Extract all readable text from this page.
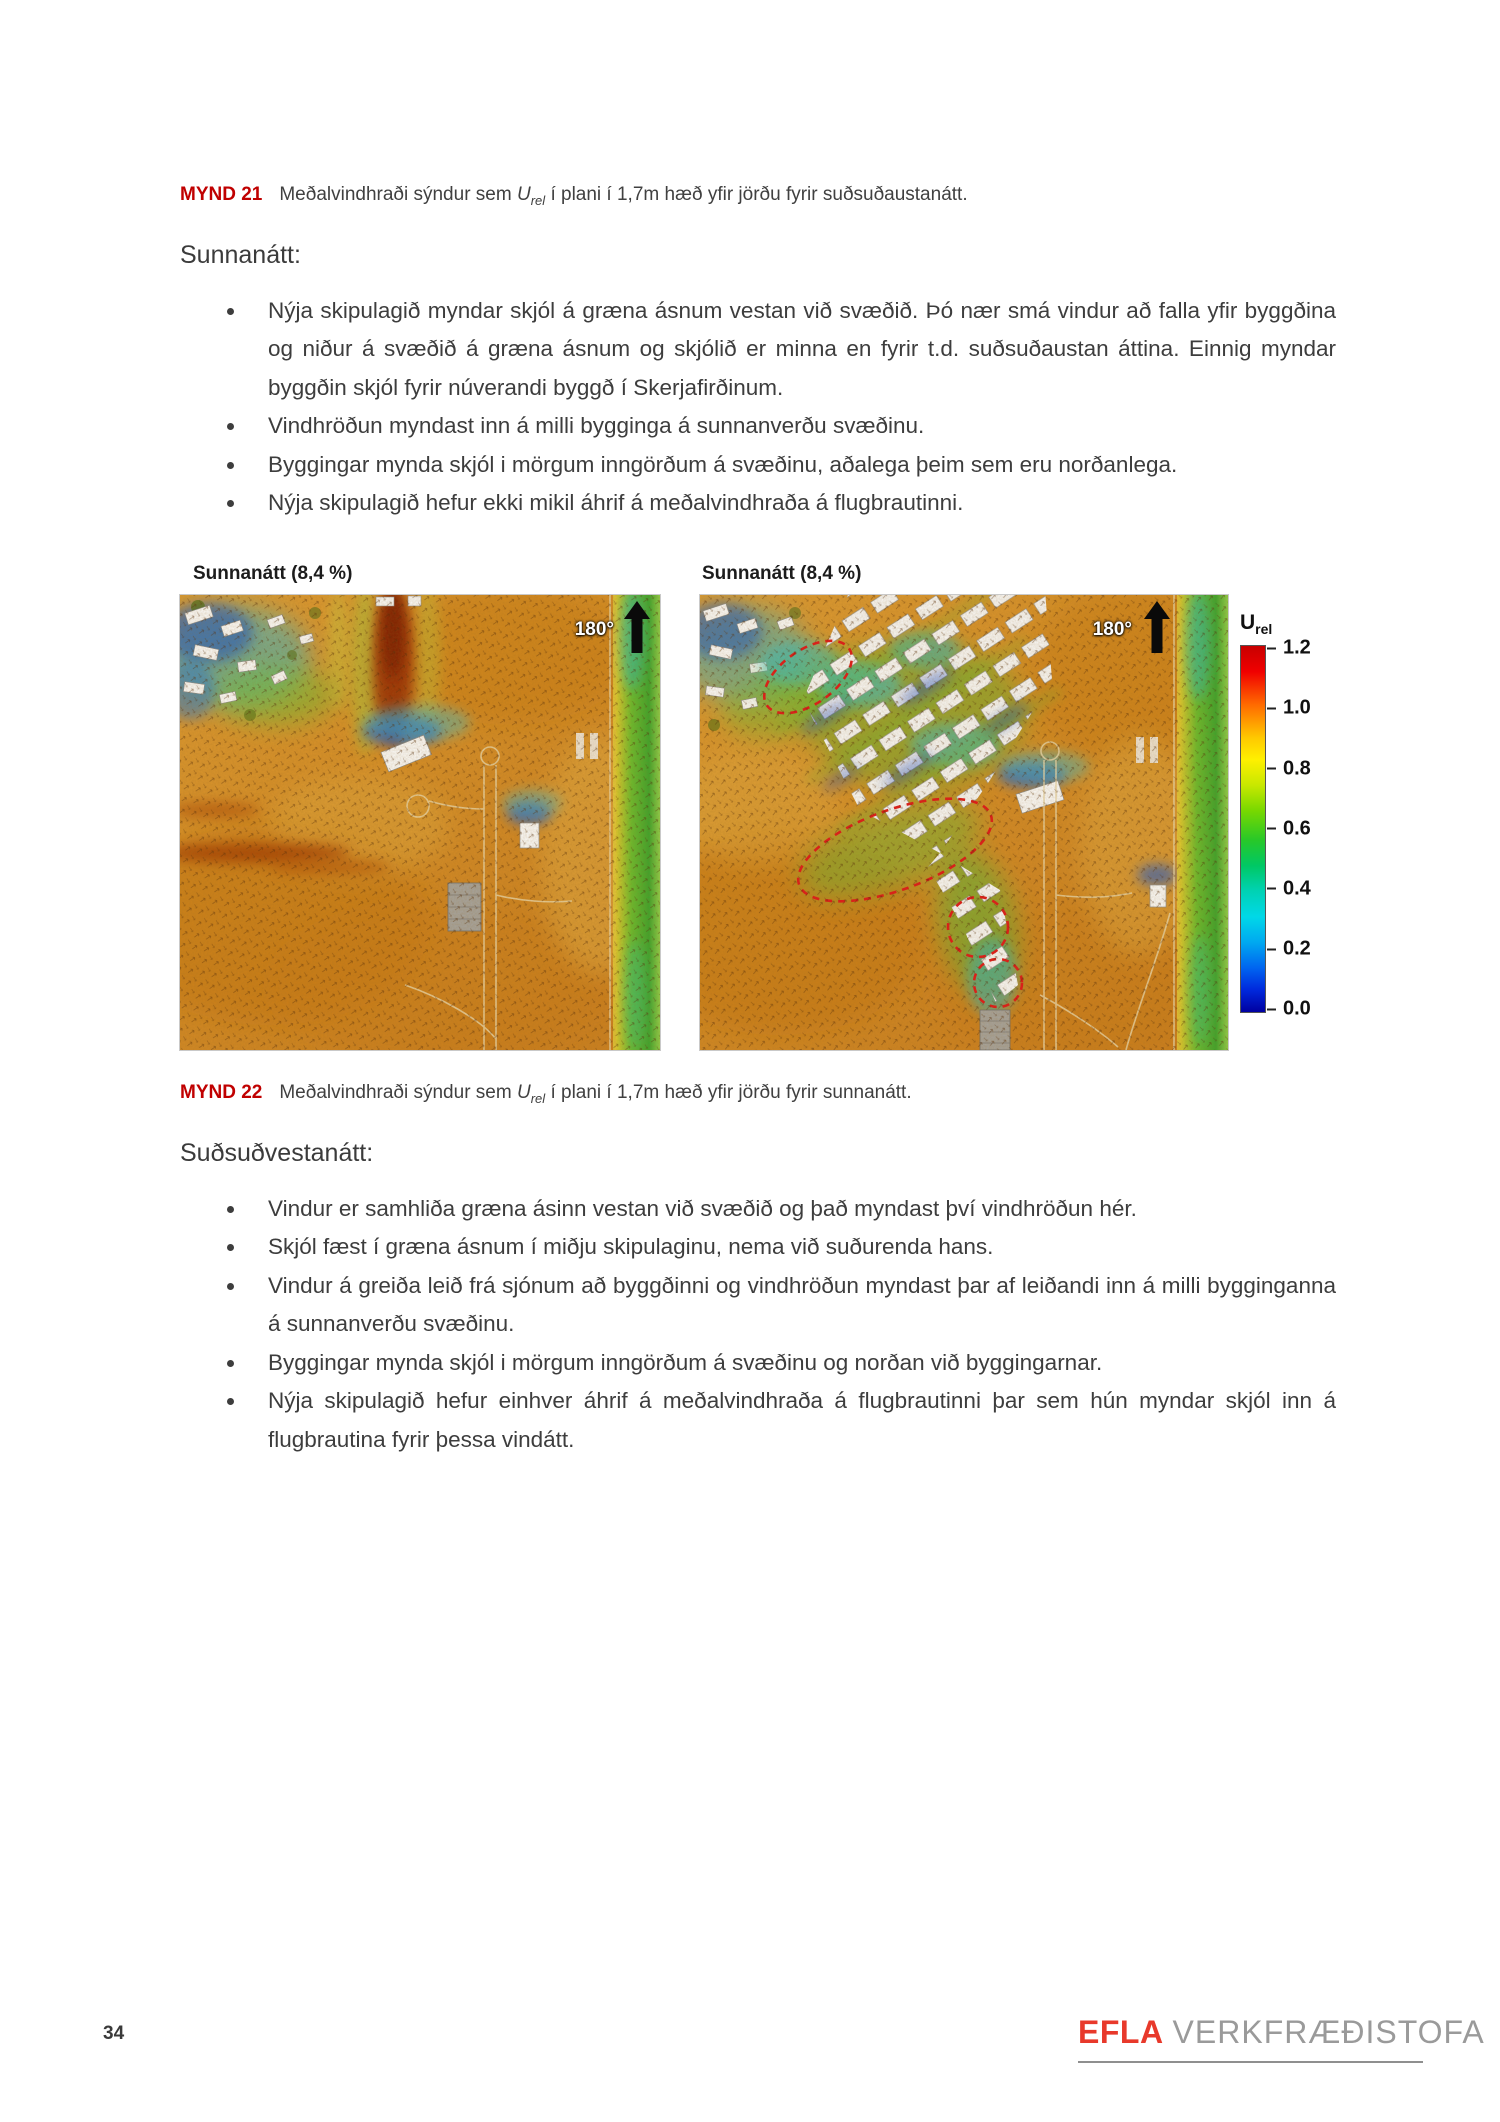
MYND 21 Meðalvindhraði sýndur sem $U_{rel}$ í plani í 1,7m hæð yfir jörðu fyrir suðsuðaustanátt.

Sunnanátt:
Nýja skipulagið myndar skjól á græna ásnum vestan við svæðið. Þó nær smá vindur að falla yfir byggðina og niður á svæðið á græna ásnum og skjólið er minna en fyrir t.d. suðsuðaustan áttina. Einnig myndar byggðin skjól fyrir núverandi byggð í Skerjafirðinum.
Vindhröðun myndast inn á milli bygginga á sunnanverðu svæðinu.
Byggingar mynda skjól i mörgum inngörðum á svæðinu, aðalega þeim sem eru norðanlega.
Nýja skipulagið hefur ekki mikil áhrif á meðalvindhraða á flugbrautinni.
Sunnanátt (8,4 %)
180°
Sunnanátt (8,4 %)
180°	$U_{rel}$
1.2
1.0
0.8
0.6
0.4
0.2
0.0

MYND 22 Meðalvindhraði sýndur sem $U_{rel}$ í plani í 1,7m hæð yfir jörðu fyrir sunnanátt.

Suðsuðvestanátt:
Vindur er samhliða græna ásinn vestan við svæðið og það myndast því vindhröðun hér.
Skjól fæst í græna ásnum í miðju skipulaginu, nema við suðurenda hans.
Vindur á greiða leið frá sjónum að byggðinni og vindhröðun myndast þar af leiðandi inn á milli bygginganna á sunnanverðu svæðinu.
Byggingar mynda skjól i mörgum inngörðum á svæðinu og norðan við byggingarnar.
Nýja skipulagið hefur einhver áhrif á meðalvindhraða á flugbrautinni þar sem hún myndar skjól inn á flugbrautina fyrir þessa vindátt.
34	EFLA VERKFRÆÐISTOFA
